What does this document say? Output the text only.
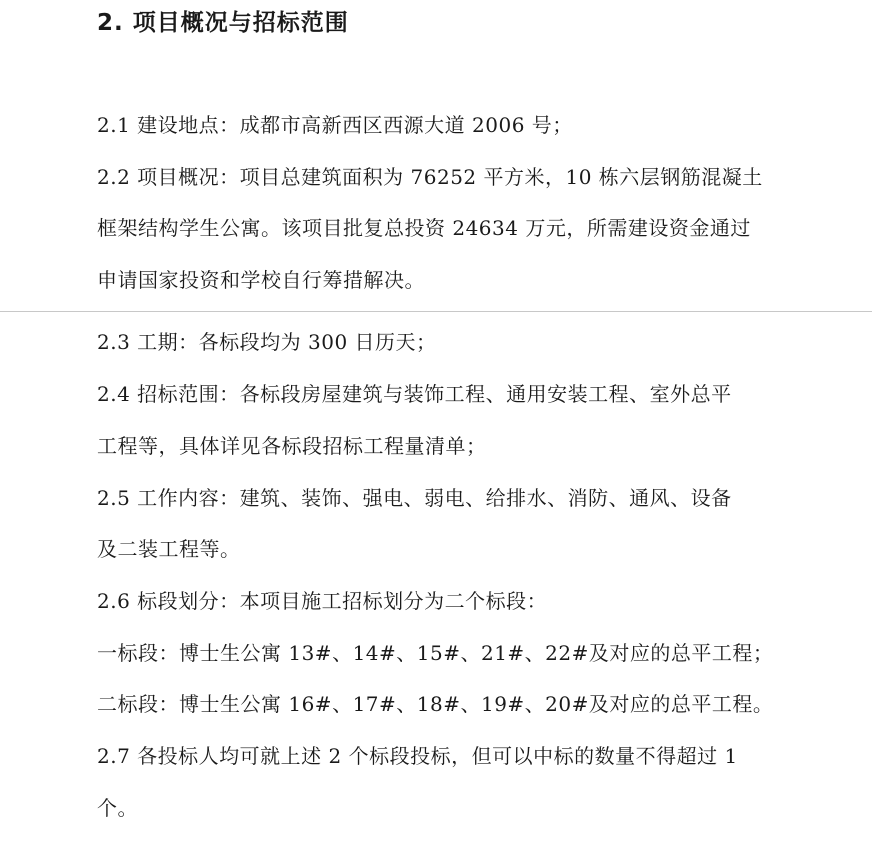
2. 项目概况与招标范围
2.1 建设地点：成都市高新西区西源大道 2006 号；
2.2 项目概况：项目总建筑面积为 76252 平方米，10 栋六层钢筋混凝土
框架结构学生公寓。该项目批复总投资 24634 万元，所需建设资金通过
申请国家投资和学校自行筹措解决。
2.3 工期：各标段均为 300 日历天；
2.4 招标范围：各标段房屋建筑与装饰工程、通用安装工程、室外总平
工程等，具体详见各标段招标工程量清单；
2.5 工作内容：建筑、装饰、强电、弱电、给排水、消防、通风、设备
及二装工程等。
2.6 标段划分：本项目施工招标划分为二个标段：
一标段：博士生公寓 13#、14#、15#、21#、22#及对应的总平工程；
二标段：博士生公寓 16#、17#、18#、19#、20#及对应的总平工程。
2.7 各投标人均可就上述 2 个标段投标，但可以中标的数量不得超过 1
个。
